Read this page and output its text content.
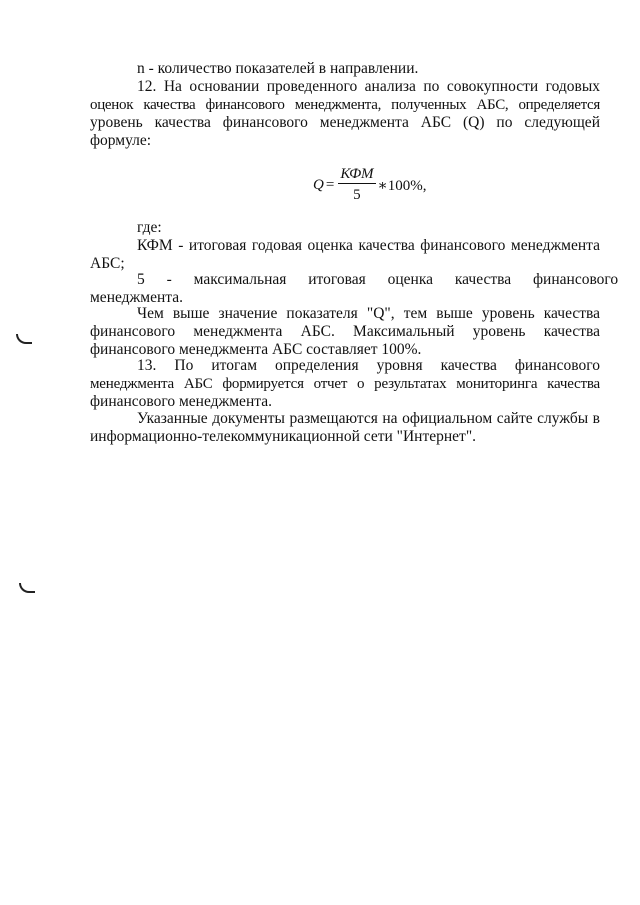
n - количество показателей в направлении.
12. На основании проведенного анализа по совокупности годовых
оценок качества финансового менеджмента, полученных АБС, определяется
уровень качества финансового менеджмента АБС (Q) по следующей
формуле:
$Q = \frac{\text{КФМ}}{5}$ ∗100%,
где:
КФМ - итоговая годовая оценка качества финансового менеджмента
АБС;
5 - максимальная итоговая оценка качества финансового
менеджмента.
Чем выше значение показателя "Q", тем выше уровень качества
финансового менеджмента АБС. Максимальный уровень качества
финансового менеджмента АБС составляет 100%.
13. По итогам определения уровня качества финансового
менеджмента АБС формируется отчет о результатах мониторинга качества
финансового менеджмента.
Указанные документы размещаются на официальном сайте службы в
информационно-телекоммуникационной сети "Интернет".
